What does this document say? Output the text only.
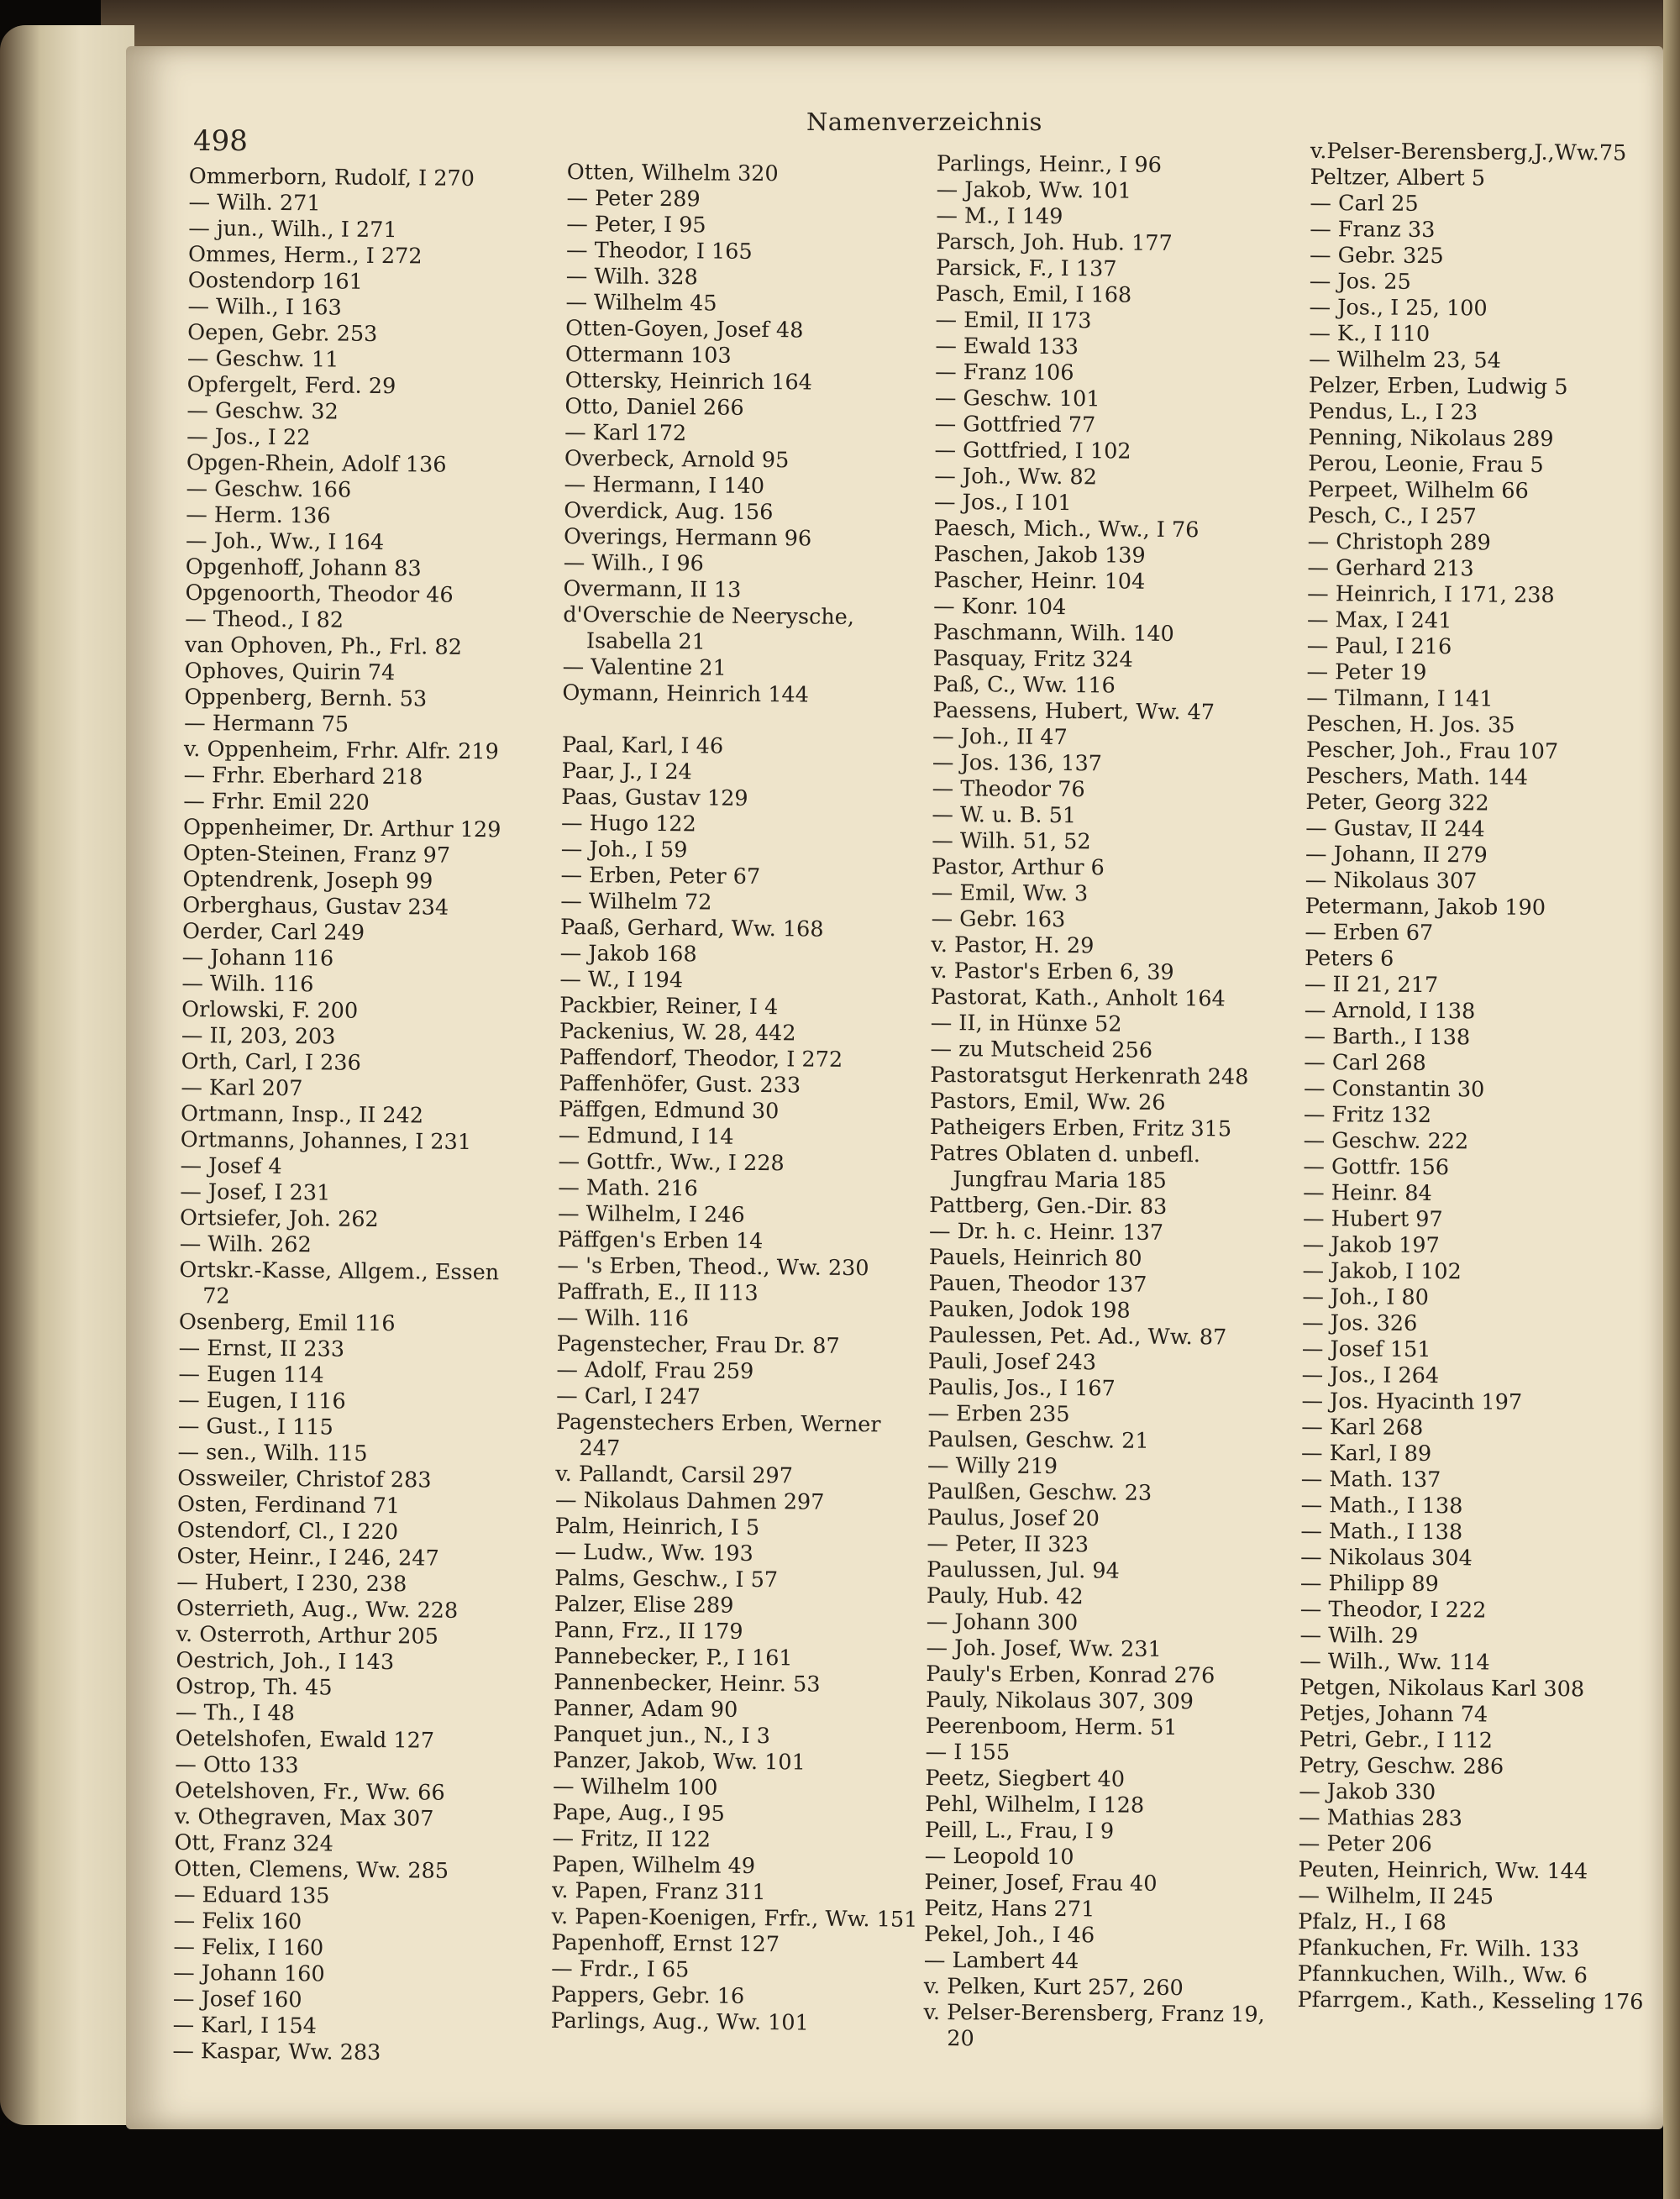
498
Namenverzeichnis
Ommerborn, Rudolf, I 270
— Wilh. 271
— jun., Wilh., I 271
Ommes, Herm., I 272
Oostendorp 161
— Wilh., I 163
Oepen, Gebr. 253
— Geschw. 11
Opfergelt, Ferd. 29
— Geschw. 32
— Jos., I 22
Opgen-Rhein, Adolf 136
— Geschw. 166
— Herm. 136
— Joh., Ww., I 164
Opgenhoff, Johann 83
Opgenoorth, Theodor 46
— Theod., I 82
van Ophoven, Ph., Frl. 82
Ophoves, Quirin 74
Oppenberg, Bernh. 53
— Hermann 75
v. Oppenheim, Frhr. Alfr. 219
— Frhr. Eberhard 218
— Frhr. Emil 220
Oppenheimer, Dr. Arthur 129
Opten-Steinen, Franz 97
Optendrenk, Joseph 99
Orberghaus, Gustav 234
Oerder, Carl 249
— Johann 116
— Wilh. 116
Orlowski, F. 200
— II, 203, 203
Orth, Carl, I 236
— Karl 207
Ortmann, Insp., II 242
Ortmanns, Johannes, I 231
— Josef 4
— Josef, I 231
Ortsiefer, Joh. 262
— Wilh. 262
Ortskr.-Kasse, Allgem., Essen 72
Osenberg, Emil 116
— Ernst, II 233
— Eugen 114
— Eugen, I 116
— Gust., I 115
— sen., Wilh. 115
Ossweiler, Christof 283
Osten, Ferdinand 71
Ostendorf, Cl., I 220
Oster, Heinr., I 246, 247
— Hubert, I 230, 238
Osterrieth, Aug., Ww. 228
v. Osterroth, Arthur 205
Oestrich, Joh., I 143
Ostrop, Th. 45
— Th., I 48
Oetelshofen, Ewald 127
— Otto 133
Oetelshoven, Fr., Ww. 66
v. Othegraven, Max 307
Ott, Franz 324
Otten, Clemens, Ww. 285
— Eduard 135
— Felix 160
— Felix, I 160
— Johann 160
— Josef 160
— Karl, I 154
— Kaspar, Ww. 283
Otten, Wilhelm 320
— Peter 289
— Peter, I 95
— Theodor, I 165
— Wilh. 328
— Wilhelm 45
Otten-Goyen, Josef 48
Ottermann 103
Ottersky, Heinrich 164
Otto, Daniel 266
— Karl 172
Overbeck, Arnold 95
— Hermann, I 140
Overdick, Aug. 156
Overings, Hermann 96
— Wilh., I 96
Overmann, II 13
d'Overschie de Neerysche, Isabella 21
— Valentine 21
Oymann, Heinrich 144
Paal, Karl, I 46
Paar, J., I 24
Paas, Gustav 129
— Hugo 122
— Joh., I 59
— Erben, Peter 67
— Wilhelm 72
Paaß, Gerhard, Ww. 168
— Jakob 168
— W., I 194
Packbier, Reiner, I 4
Packenius, W. 28, 442
Paffendorf, Theodor, I 272
Paffenhöfer, Gust. 233
Päffgen, Edmund 30
— Edmund, I 14
— Gottfr., Ww., I 228
— Math. 216
— Wilhelm, I 246
Päffgen's Erben 14
— 's Erben, Theod., Ww. 230
Paffrath, E., II 113
— Wilh. 116
Pagenstecher, Frau Dr. 87
— Adolf, Frau 259
— Carl, I 247
Pagenstechers Erben, Werner 247
v. Pallandt, Carsil 297
— Nikolaus Dahmen 297
Palm, Heinrich, I 5
— Ludw., Ww. 193
Palms, Geschw., I 57
Palzer, Elise 289
Pann, Frz., II 179
Pannebecker, P., I 161
Pannenbecker, Heinr. 53
Panner, Adam 90
Panquet jun., N., I 3
Panzer, Jakob, Ww. 101
— Wilhelm 100
Pape, Aug., I 95
— Fritz, II 122
Papen, Wilhelm 49
v. Papen, Franz 311
v. Papen-Koenigen, Frfr., Ww. 151
Papenhoff, Ernst 127
— Frdr., I 65
Pappers, Gebr. 16
Parlings, Aug., Ww. 101
Parlings, Heinr., I 96
— Jakob, Ww. 101
— M., I 149
Parsch, Joh. Hub. 177
Parsick, F., I 137
Pasch, Emil, I 168
— Emil, II 173
— Ewald 133
— Franz 106
— Geschw. 101
— Gottfried 77
— Gottfried, I 102
— Joh., Ww. 82
— Jos., I 101
Paesch, Mich., Ww., I 76
Paschen, Jakob 139
Pascher, Heinr. 104
— Konr. 104
Paschmann, Wilh. 140
Pasquay, Fritz 324
Paß, C., Ww. 116
Paessens, Hubert, Ww. 47
— Joh., II 47
— Jos. 136, 137
— Theodor 76
— W. u. B. 51
— Wilh. 51, 52
Pastor, Arthur 6
— Emil, Ww. 3
— Gebr. 163
v. Pastor, H. 29
v. Pastor's Erben 6, 39
Pastorat, Kath., Anholt 164
— II, in Hünxe 52
— zu Mutscheid 256
Pastoratsgut Herkenrath 248
Pastors, Emil, Ww. 26
Patheigers Erben, Fritz 315
Patres Oblaten d. unbefl. Jungfrau Maria 185
Pattberg, Gen.-Dir. 83
— Dr. h. c. Heinr. 137
Pauels, Heinrich 80
Pauen, Theodor 137
Pauken, Jodok 198
Paulessen, Pet. Ad., Ww. 87
Pauli, Josef 243
Paulis, Jos., I 167
— Erben 235
Paulsen, Geschw. 21
— Willy 219
Paulßen, Geschw. 23
Paulus, Josef 20
— Peter, II 323
Paulussen, Jul. 94
Pauly, Hub. 42
— Johann 300
— Joh. Josef, Ww. 231
Pauly's Erben, Konrad 276
Pauly, Nikolaus 307, 309
Peerenboom, Herm. 51
— I 155
Peetz, Siegbert 40
Pehl, Wilhelm, I 128
Peill, L., Frau, I 9
— Leopold 10
Peiner, Josef, Frau 40
Peitz, Hans 271
Pekel, Joh., I 46
— Lambert 44
v. Pelken, Kurt 257, 260
v. Pelser-Berensberg, Franz 19, 20
v.Pelser-Berensberg,J.,Ww.75
Peltzer, Albert 5
— Carl 25
— Franz 33
— Gebr. 325
— Jos. 25
— Jos., I 25, 100
— K., I 110
— Wilhelm 23, 54
Pelzer, Erben, Ludwig 5
Pendus, L., I 23
Penning, Nikolaus 289
Perou, Leonie, Frau 5
Perpeet, Wilhelm 66
Pesch, C., I 257
— Christoph 289
— Gerhard 213
— Heinrich, I 171, 238
— Max, I 241
— Paul, I 216
— Peter 19
— Tilmann, I 141
Peschen, H. Jos. 35
Pescher, Joh., Frau 107
Peschers, Math. 144
Peter, Georg 322
— Gustav, II 244
— Johann, II 279
— Nikolaus 307
Petermann, Jakob 190
— Erben 67
Peters 6
— II 21, 217
— Arnold, I 138
— Barth., I 138
— Carl 268
— Constantin 30
— Fritz 132
— Geschw. 222
— Gottfr. 156
— Heinr. 84
— Hubert 97
— Jakob 197
— Jakob, I 102
— Joh., I 80
— Jos. 326
— Josef 151
— Jos., I 264
— Jos. Hyacinth 197
— Karl 268
— Karl, I 89
— Math. 137
— Math., I 138
— Math., I 138
— Nikolaus 304
— Philipp 89
— Theodor, I 222
— Wilh. 29
— Wilh., Ww. 114
Petgen, Nikolaus Karl 308
Petjes, Johann 74
Petri, Gebr., I 112
Petry, Geschw. 286
— Jakob 330
— Mathias 283
— Peter 206
Peuten, Heinrich, Ww. 144
— Wilhelm, II 245
Pfalz, H., I 68
Pfankuchen, Fr. Wilh. 133
Pfannkuchen, Wilh., Ww. 6
Pfarrgem., Kath., Kesseling 176
